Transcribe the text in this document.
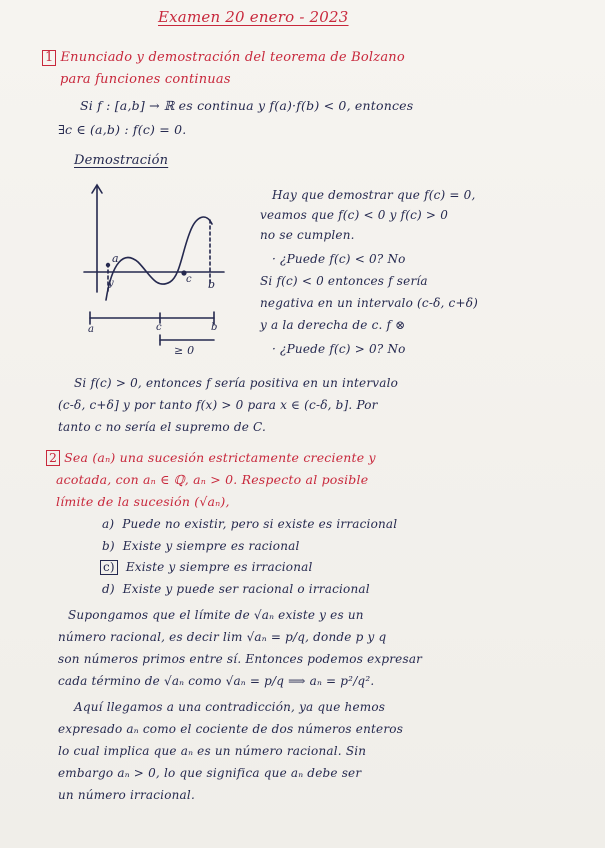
Examen 20 enero - 2023
1 Enunciado y demostración del teorema de Bolzano
para funciones continuas
Si f : [a,b] → ℝ es continua y f(a)·f(b) < 0, entonces
∃c ∈ (a,b) : f(c) = 0.
Demostración
a
y	c b
a	c	b
≥ 0
Hay que demostrar que f(c) = 0,
veamos que f(c) < 0 y f(c) > 0
no se cumplen.
· ¿Puede f(c) < 0? No
Si f(c) < 0 entonces f sería
negativa en un intervalo (c-δ, c+δ)
y a la derecha de c. f ⊗
· ¿Puede f(c) > 0? No
Si f(c) > 0, entonces f sería positiva en un intervalo
(c-δ, c+δ] y por tanto f(x) > 0 para x ∈ (c-δ, b]. Por
tanto c no sería el supremo de C.
2 Sea (aₙ) una sucesión estrictamente creciente y
acotada, con aₙ ∈ ℚ, aₙ > 0. Respecto al posible
límite de la sucesión (√aₙ),
a) Puede no existir, pero si existe es irracional
b) Existe y siempre es racional
c) Existe y siempre es irracional
d) Existe y puede ser racional o irracional
Supongamos que el límite de √aₙ existe y es un
número racional, es decir lim √aₙ = p/q, donde p y q
son números primos entre sí. Entonces podemos expresar
cada término de √aₙ como √aₙ = p/q ⟹ aₙ = p²/q².
Aquí llegamos a una contradicción, ya que hemos
expresado aₙ como el cociente de dos números enteros
lo cual implica que aₙ es un número racional. Sin
embargo aₙ > 0, lo que significa que aₙ debe ser
un número irracional.
